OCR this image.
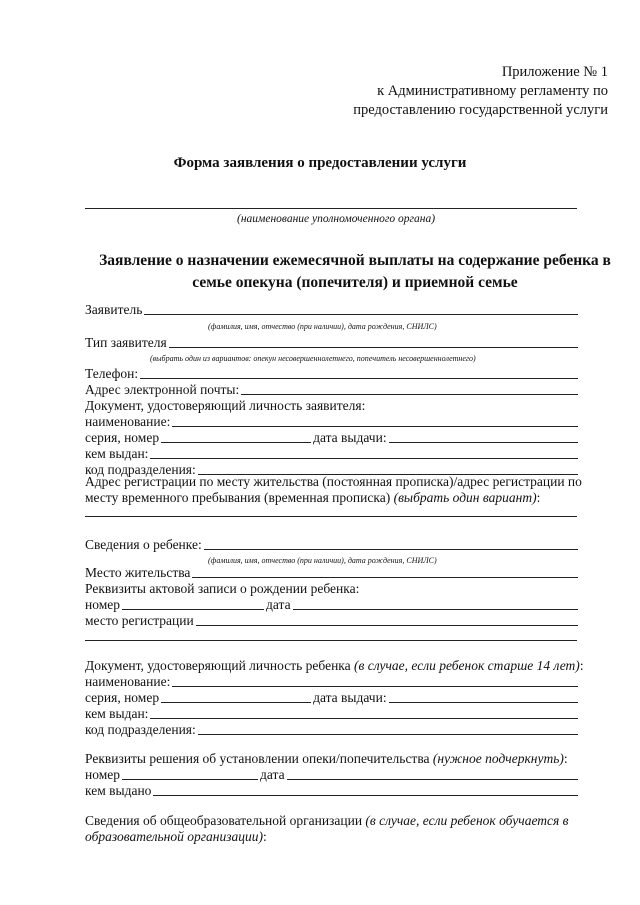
Приложение № 1
к Административному регламенту по
предоставлению государственной услуги
Форма заявления о предоставлении услуги
(наименование уполномоченного органа)
Заявление о назначении ежемесячной выплаты на содержание ребенка в
семье опекуна (попечителя) и приемной семье
Заявитель
(фамилия, имя, отчество (при наличии), дата рождения, СНИЛС)
Тип заявителя
(выбрать один из вариантов: опекун несовершеннолетнего, попечитель несовершеннолетнего)
Телефон:
Адрес электронной почты:
Документ, удостоверяющий личность заявителя:
наименование:
серия, номер	дата выдачи:
кем выдан:
код подразделения:
Адрес регистрации по месту жительства (постоянная прописка)/адрес регистрации по месту временного пребывания (временная прописка) (выбрать один вариант):
Сведения о ребенке:
(фамилия, имя, отчество (при наличии), дата рождения, СНИЛС)
Место жительства
Реквизиты актовой записи о рождении ребенка:
номер	дата
место регистрации
Документ, удостоверяющий личность ребенка (в случае, если ребенок старше 14 лет):
наименование:
серия, номер	дата выдачи:
кем выдан:
код подразделения:
Реквизиты решения об установлении опеки/попечительства (нужное подчеркнуть):
номер	дата
кем выдано
Сведения об общеобразовательной организации (в случае, если ребенок обучается в образовательной организации):
